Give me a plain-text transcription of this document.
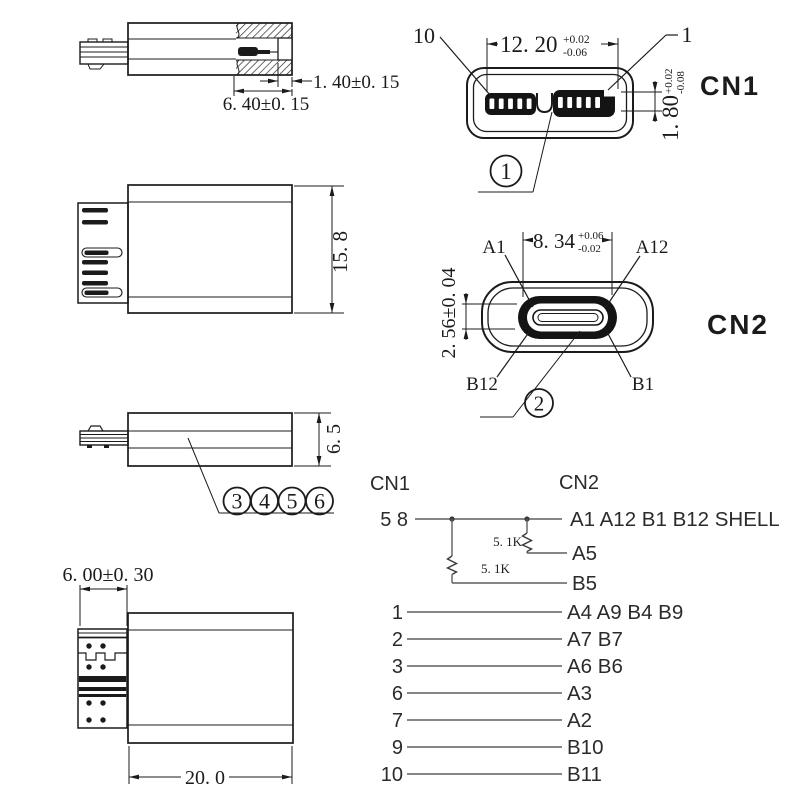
1. 40±0. 15
6. 40±0. 15
15. 8
6. 5
3 4 5 6
6. 00±0. 30
20. 0
12. 20 +0.02
-0.06
1. 80
+0.02 -0.08
10	1
CN1
1
8. 34 +0.06
-0.02
2. 56±0. 04
A1	A12
B12	B1
CN2
2
CN1	CN2
5 8	A1 A12 B1 B12 SHELL
5. 1K
A5
5. 1K
B5
1	A4 A9 B4 B9
2	A7 B7
3	A6 B6
6	A3
7	A2
9	B10
10	B11
